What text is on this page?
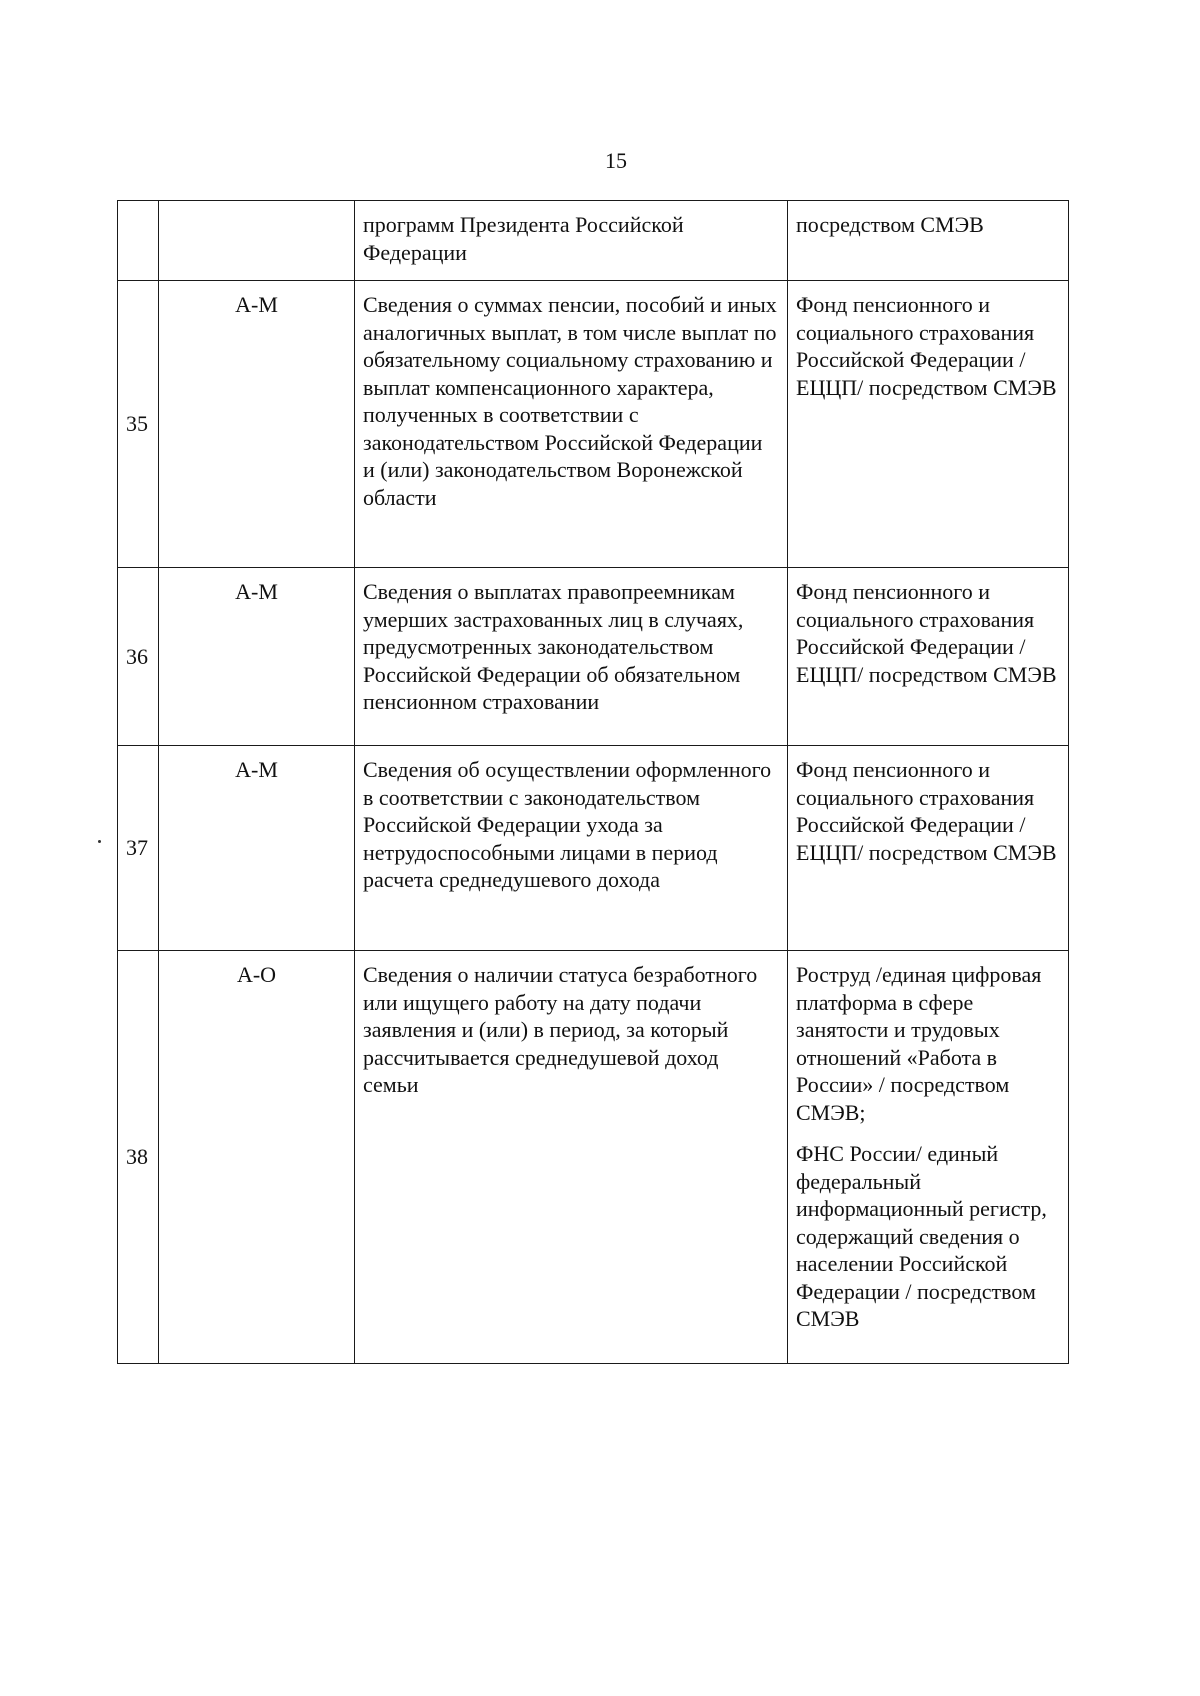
15
		программ Президента Российской Федерации	посредством СМЭВ

35	А-М	Сведения о суммах пенсии, пособий и иных аналогичных выплат, в том числе выплат по обязательному социальному страхованию и выплат компенсационного характера, полученных в соответствии с законодательством Российской Федерации и (или) законодательством Воронежской области	Фонд пенсионного и социального страхования Российской Федерации / ЕЦЦП/ посредством СМЭВ

36	А-М	Сведения о выплатах правопреемникам умерших застрахованных лиц в случаях, предусмотренных законодательством Российской Федерации об обязательном пенсионном страховании	Фонд пенсионного и социального страхования Российской Федерации / ЕЦЦП/ посредством СМЭВ

37	А-М	Сведения об осуществлении оформленного в соответствии с законодательством Российской Федерации ухода за нетрудоспособными лицами в период расчета среднедушевого дохода	Фонд пенсионного и социального страхования Российской Федерации / ЕЦЦП/ посредством СМЭВ

38	А-О	Сведения о наличии статуса безработного или ищущего работу на дату подачи заявления и (или) в период, за который рассчитывается среднедушевой доход семьи	Роструд /единая цифровая платформа в сфере занятости и трудовых отношений «Работа в России» / посредством СМЭВ;
ФНС России/ единый федеральный информационный регистр, содержащий сведения о населении Российской Федерации / посредством СМЭВ
